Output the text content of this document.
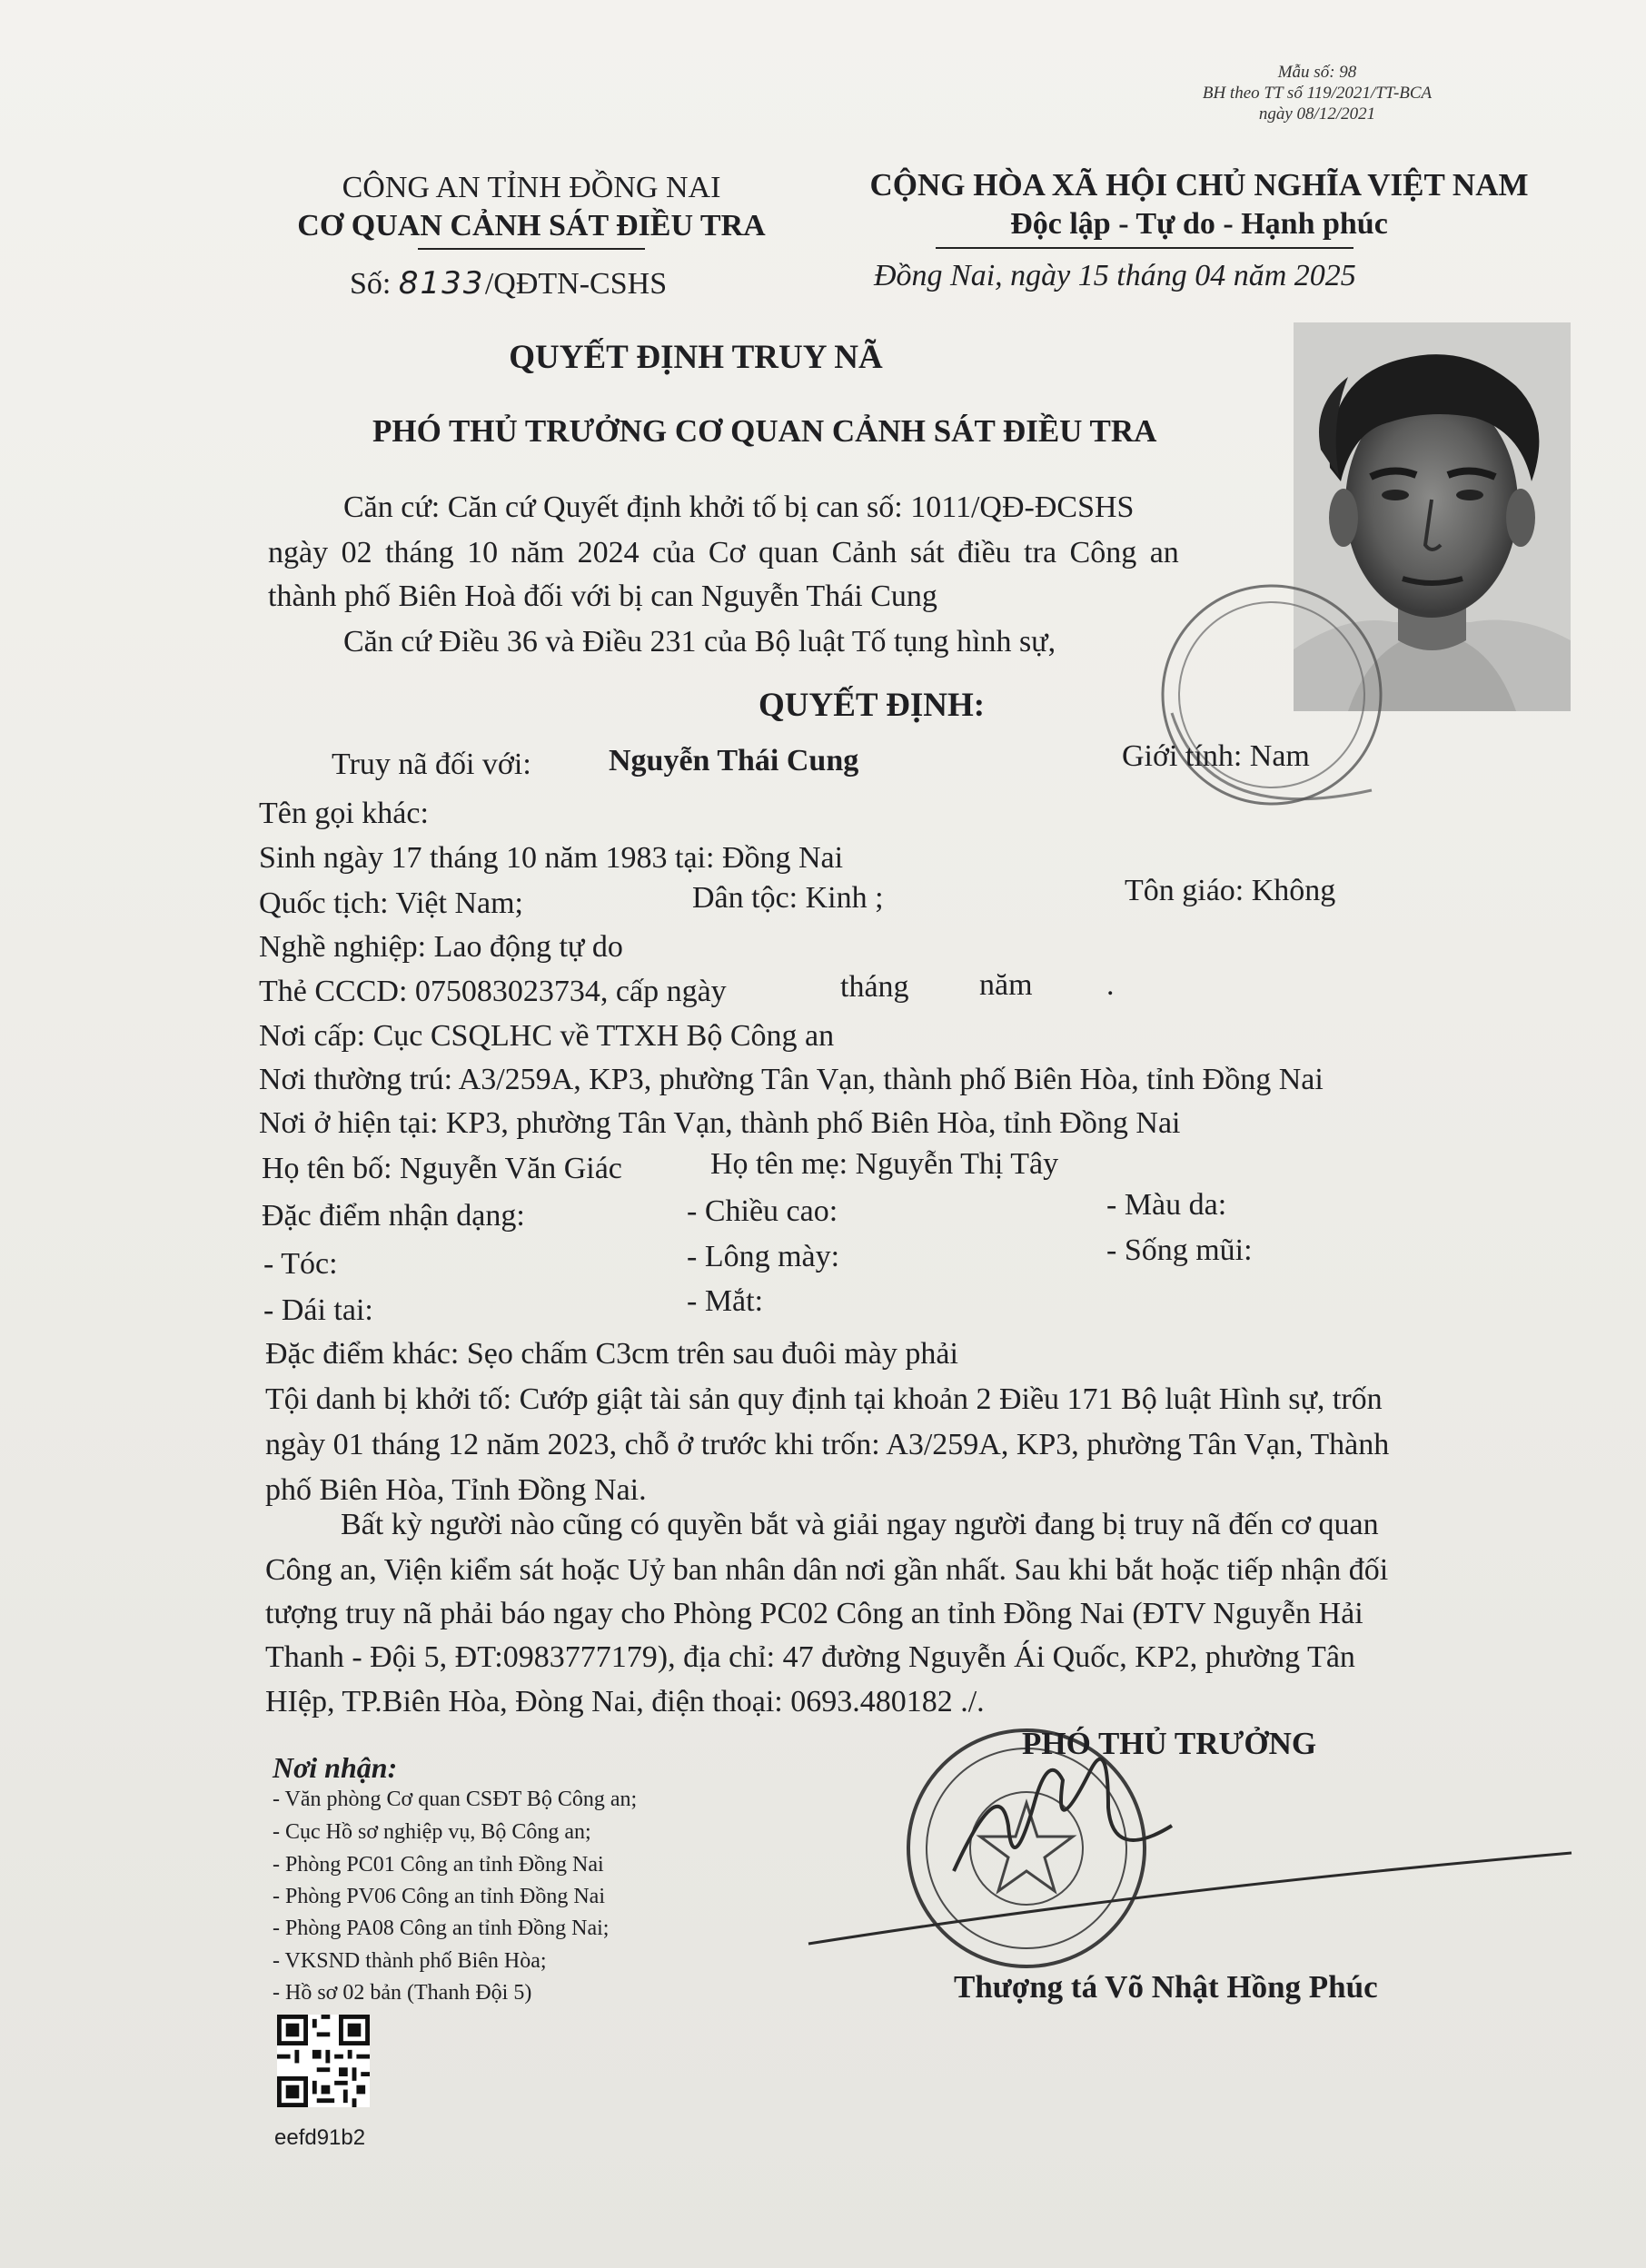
Mẫu số: 98
BH theo TT số 119/2021/TT-BCA
ngày 08/12/2021
CÔNG AN TỈNH ĐỒNG NAI
CƠ QUAN CẢNH SÁT ĐIỀU TRA
Số: 8133/QĐTN-CSHS
CỘNG HÒA XÃ HỘI CHỦ NGHĨA VIỆT NAM
Độc lập - Tự do - Hạnh phúc
Đồng Nai, ngày 15 tháng 04 năm 2025
QUYẾT ĐỊNH TRUY NÃ
PHÓ THỦ TRƯỞNG CƠ QUAN CẢNH SÁT ĐIỀU TRA
Căn cứ: Căn cứ Quyết định khởi tố bị can số: 1011/QĐ-ĐCSHS
ngày 02 tháng 10 năm 2024 của Cơ quan Cảnh sát điều tra Công an
thành phố Biên Hoà đối với bị can Nguyễn Thái Cung
Căn cứ Điều 36 và Điều 231 của Bộ luật Tố tụng hình sự,
QUYẾT ĐỊNH:
Truy nã đối với:	Nguyễn Thái Cung	Giới tính: Nam
Tên gọi khác:
Sinh ngày 17 tháng 10 năm 1983 tại: Đồng Nai
Quốc tịch: Việt Nam;	Dân tộc: Kinh ;	Tôn giáo: Không
Nghề nghiệp: Lao động tự do
Thẻ CCCD: 075083023734, cấp ngày	tháng năm .
Nơi cấp: Cục CSQLHC về TTXH Bộ Công an
Nơi thường trú: A3/259A, KP3, phường Tân Vạn, thành phố Biên Hòa, tỉnh Đồng Nai
Nơi ở hiện tại: KP3, phường Tân Vạn, thành phố Biên Hòa, tỉnh Đồng Nai
Họ tên bố: Nguyễn Văn Giác	Họ tên mẹ: Nguyễn Thị Tây
Đặc điểm nhận dạng:	- Chiều cao:	- Màu da:
- Tóc:	- Lông mày:	- Sống mũi:
- Dái tai:	- Mắt:
Đặc điểm khác: Sẹo chấm C3cm trên sau đuôi mày phải
Tội danh bị khởi tố: Cướp giật tài sản quy định tại khoản 2 Điều 171 Bộ luật Hình sự, trốn
ngày 01 tháng 12 năm 2023, chỗ ở trước khi trốn: A3/259A, KP3, phường Tân Vạn, Thành
phố Biên Hòa, Tỉnh Đồng Nai.
Bất kỳ người nào cũng có quyền bắt và giải ngay người đang bị truy nã đến cơ quan
Công an, Viện kiểm sát hoặc Uỷ ban nhân dân nơi gần nhất. Sau khi bắt hoặc tiếp nhận đối
tượng truy nã phải báo ngay cho Phòng PC02 Công an tỉnh Đồng Nai (ĐTV Nguyễn Hải
Thanh - Đội 5, ĐT:0983777179), địa chỉ: 47 đường Nguyễn Ái Quốc, KP2, phường Tân
HIệp, TP.Biên Hòa, Đòng Nai, điện thoại: 0693.480182 ./.
Nơi nhận:
- Văn phòng Cơ quan CSĐT Bộ Công an;
- Cục Hồ sơ nghiệp vụ, Bộ Công an;
- Phòng PC01 Công an tỉnh Đồng Nai
- Phòng PV06 Công an tỉnh Đồng Nai
- Phòng PA08 Công an tỉnh Đồng Nai;
- VKSND thành phố Biên Hòa;
- Hồ sơ 02 bản (Thanh Đội 5)
PHÓ THỦ TRƯỞNG
Thượng tá Võ Nhật Hồng Phúc
eefd91b2
